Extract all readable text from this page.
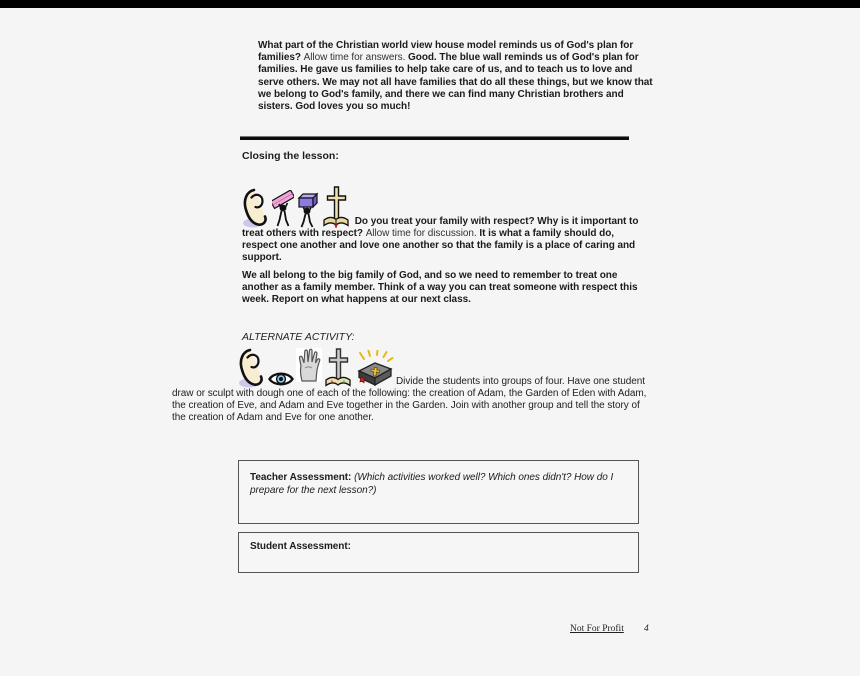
What part of the Christian world view house model reminds us of God's plan for families? Allow time for answers. Good. The blue wall reminds us of God's plan for families. He gave us families to help take care of us, and to teach us to love and serve others. We may not all have families that do all these things, but we know that we belong to God's family, and there we can find many Christian brothers and sisters. God loves you so much!
Closing the lesson:
Do you treat your family with respect? Why is it important to treat others with respect? Allow time for discussion. It is what a family should do, respect one another and love one another so that the family is a place of caring and support.
We all belong to the big family of God, and so we need to remember to treat one another as a family member. Think of a way you can treat someone with respect this week. Report on what happens at our next class.
ALTERNATE ACTIVITY:
Divide the students into groups of four. Have one student draw or sculpt with dough one of each of the following: the creation of Adam, the Garden of Eden with Adam, the creation of Eve, and Adam and Eve together in the Garden. Join with another group and tell the story of the creation of Adam and Eve for one another.
Teacher Assessment: (Which activities worked well? Which ones didn't? How do I prepare for the next lesson?)
Student Assessment:
Not For Profit 4
